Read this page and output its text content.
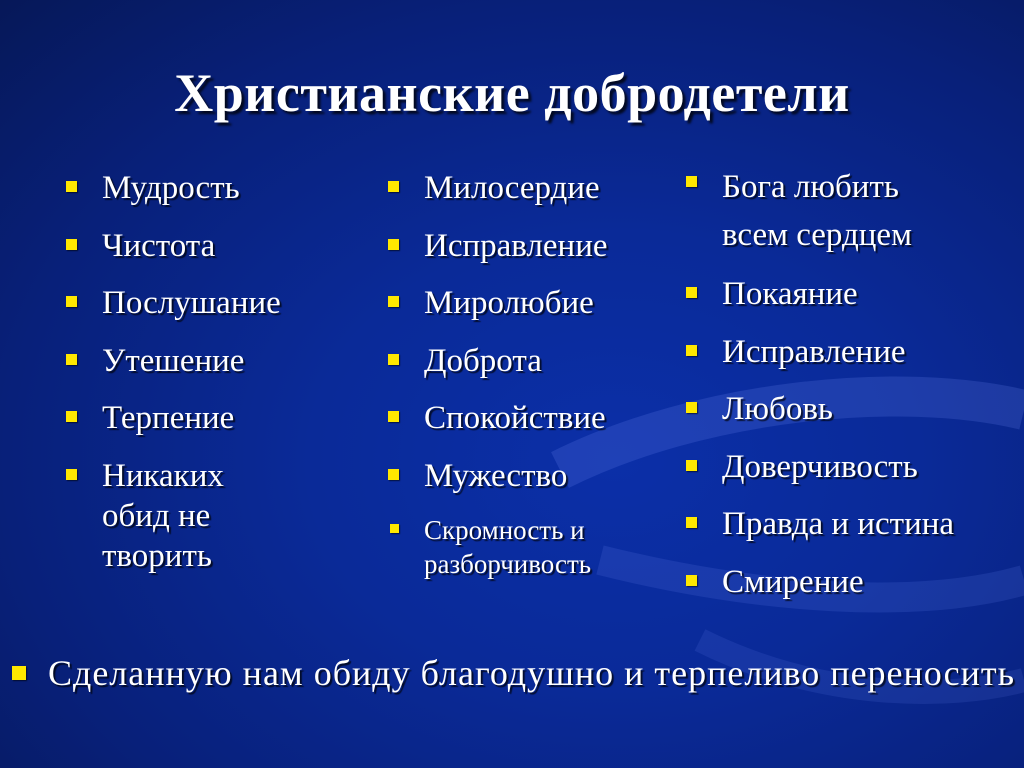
Христианские добродетели
Мудрость
Чистота
Послушание
Утешение
Терпение
Никаких обид не творить
Милосердие
Исправление
Миролюбие
Доброта
Спокойствие
Мужество
Скромность и разборчивость
Бога любить всем сердцем
Покаяние
Исправление
Любовь
Доверчивость
Правда и истина
Смирение
Сделанную нам обиду благодушно и терпеливо переносить
